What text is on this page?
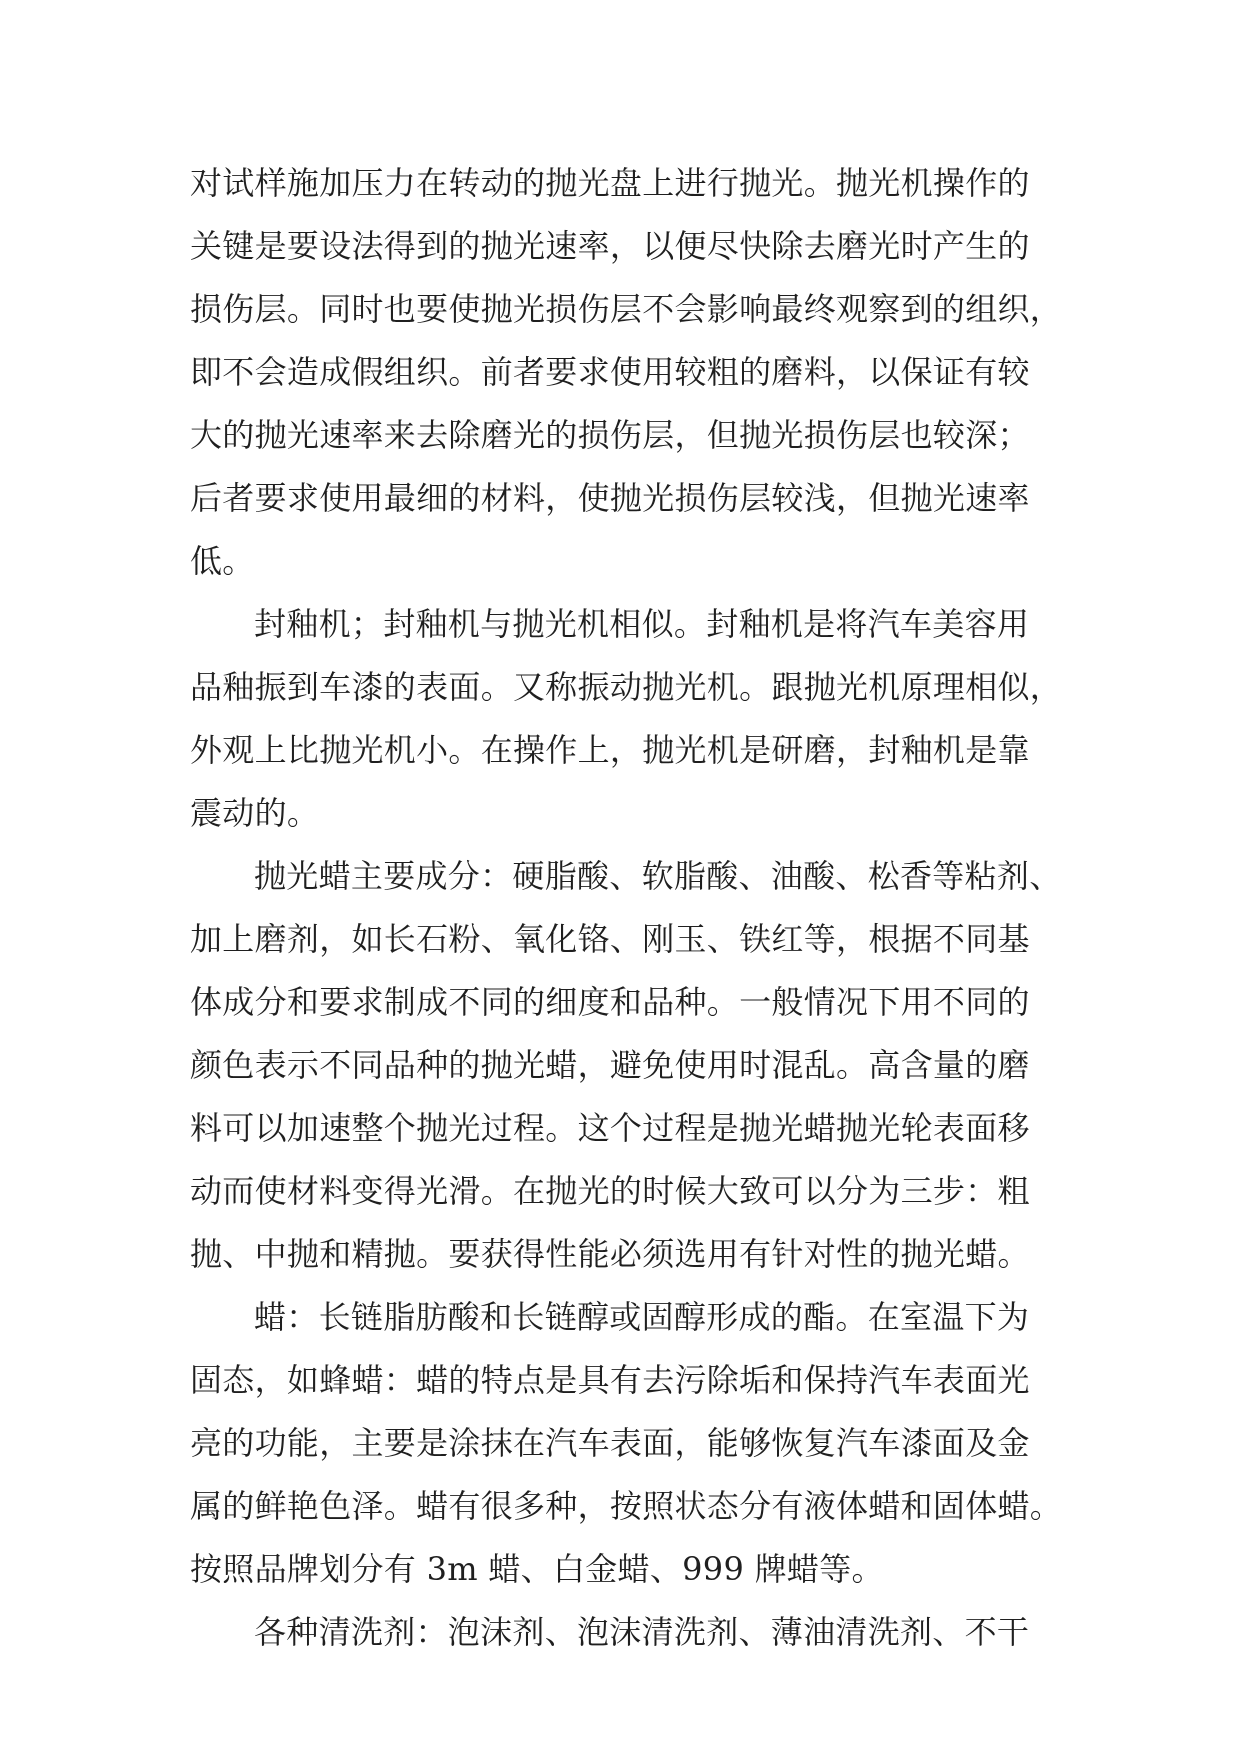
对试样施加压力在转动的抛光盘上进行抛光。抛光机操作的
关键是要设法得到的抛光速率，以便尽快除去磨光时产生的
损伤层。同时也要使抛光损伤层不会影响最终观察到的组织，
即不会造成假组织。前者要求使用较粗的磨料，以保证有较
大的抛光速率来去除磨光的损伤层，但抛光损伤层也较深；
后者要求使用最细的材料，使抛光损伤层较浅，但抛光速率
低。
封釉机；封釉机与抛光机相似。封釉机是将汽车美容用
品釉振到车漆的表面。又称振动抛光机。跟抛光机原理相似，
外观上比抛光机小。在操作上，抛光机是研磨，封釉机是靠
震动的。
抛光蜡主要成分：硬脂酸、软脂酸、油酸、松香等粘剂、
加上磨剂，如长石粉、氧化铬、刚玉、铁红等，根据不同基
体成分和要求制成不同的细度和品种。一般情况下用不同的
颜色表示不同品种的抛光蜡，避免使用时混乱。高含量的磨
料可以加速整个抛光过程。这个过程是抛光蜡抛光轮表面移
动而使材料变得光滑。在抛光的时候大致可以分为三步：粗
抛、中抛和精抛。要获得性能必须选用有针对性的抛光蜡。
蜡：长链脂肪酸和长链醇或固醇形成的酯。在室温下为
固态，如蜂蜡：蜡的特点是具有去污除垢和保持汽车表面光
亮的功能，主要是涂抹在汽车表面，能够恢复汽车漆面及金
属的鲜艳色泽。蜡有很多种，按照状态分有液体蜡和固体蜡。
按照品牌划分有 3m 蜡、白金蜡、999 牌蜡等。
各种清洗剂：泡沫剂、泡沫清洗剂、薄油清洗剂、不干
